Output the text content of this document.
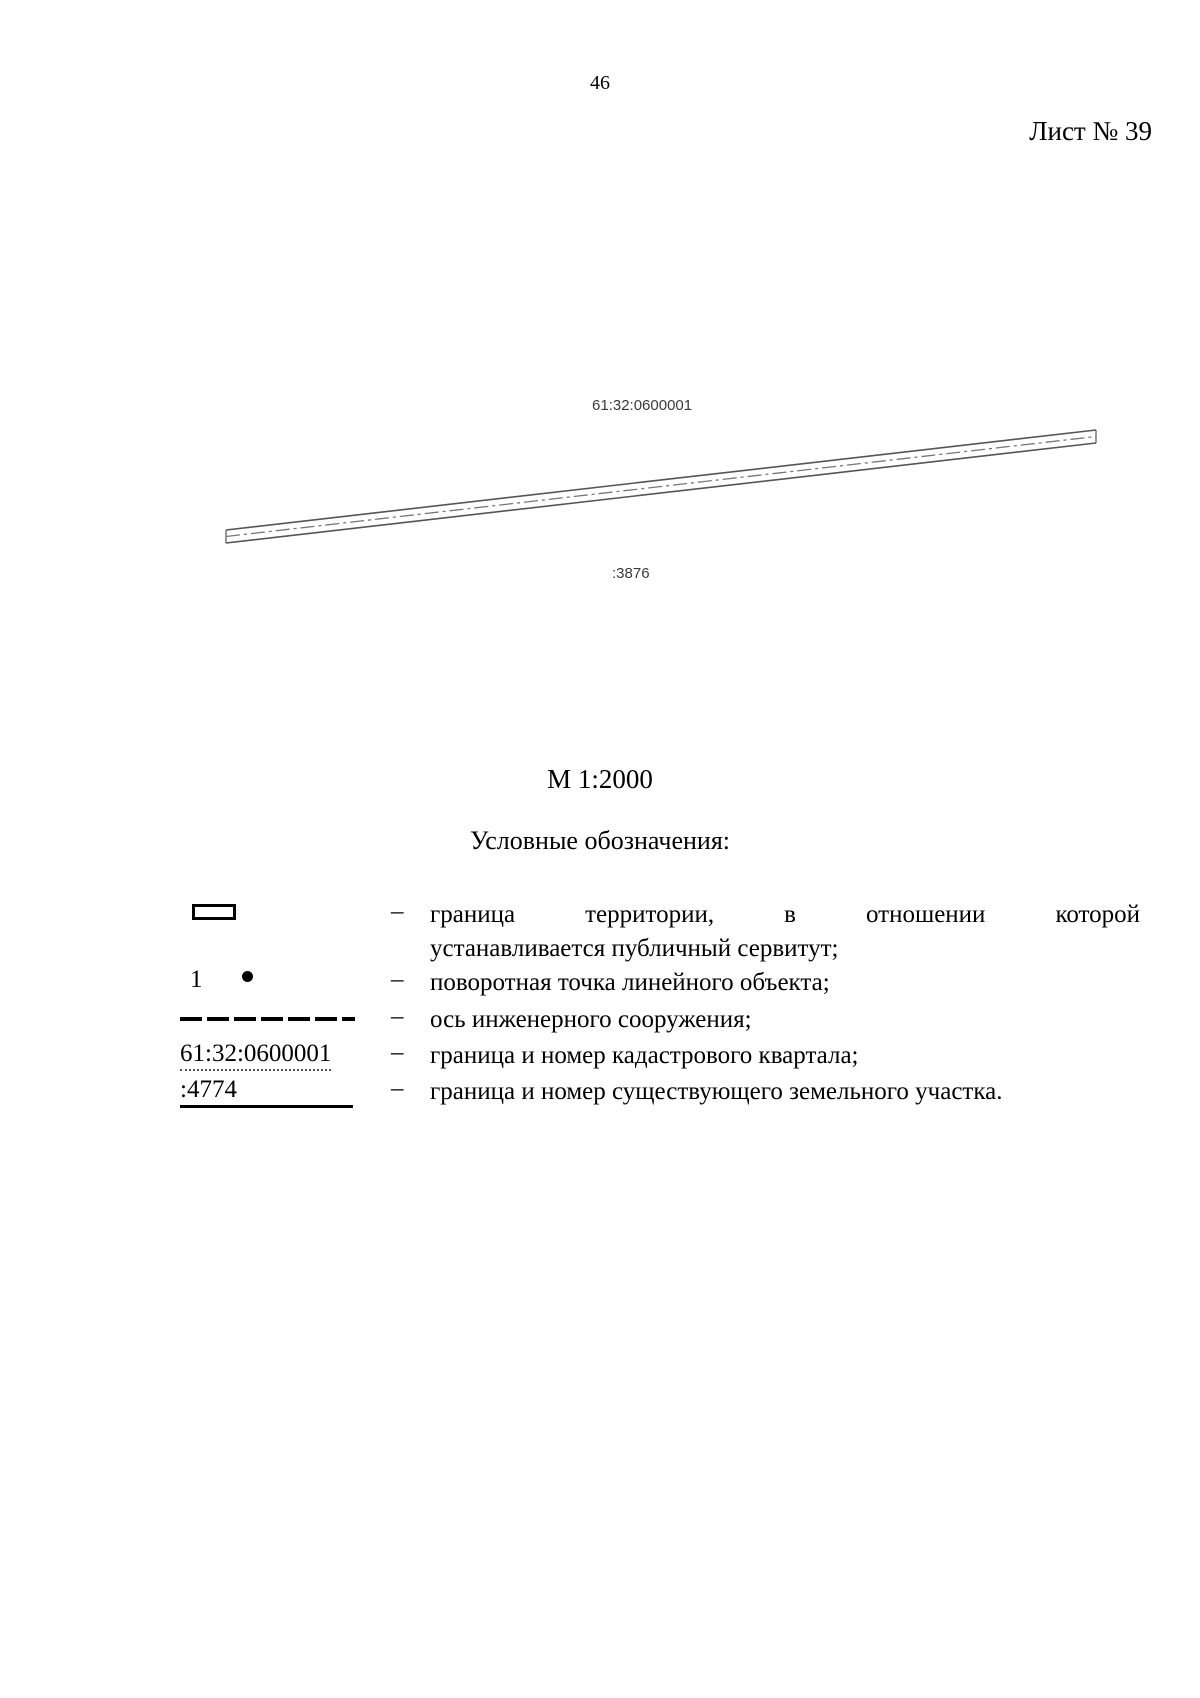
46
Лист № 39
61:32:0600001
:3876
М 1:2000
Условные обозначения:
– граница	территории,	в	отношении	которой
устанавливается публичный сервитут;
1	– поворотная точка линейного объекта;
– ось инженерного сооружения;
61:32:0600001 – граница и номер кадастрового квартала;
:4774	– граница и номер существующего земельного участка.
